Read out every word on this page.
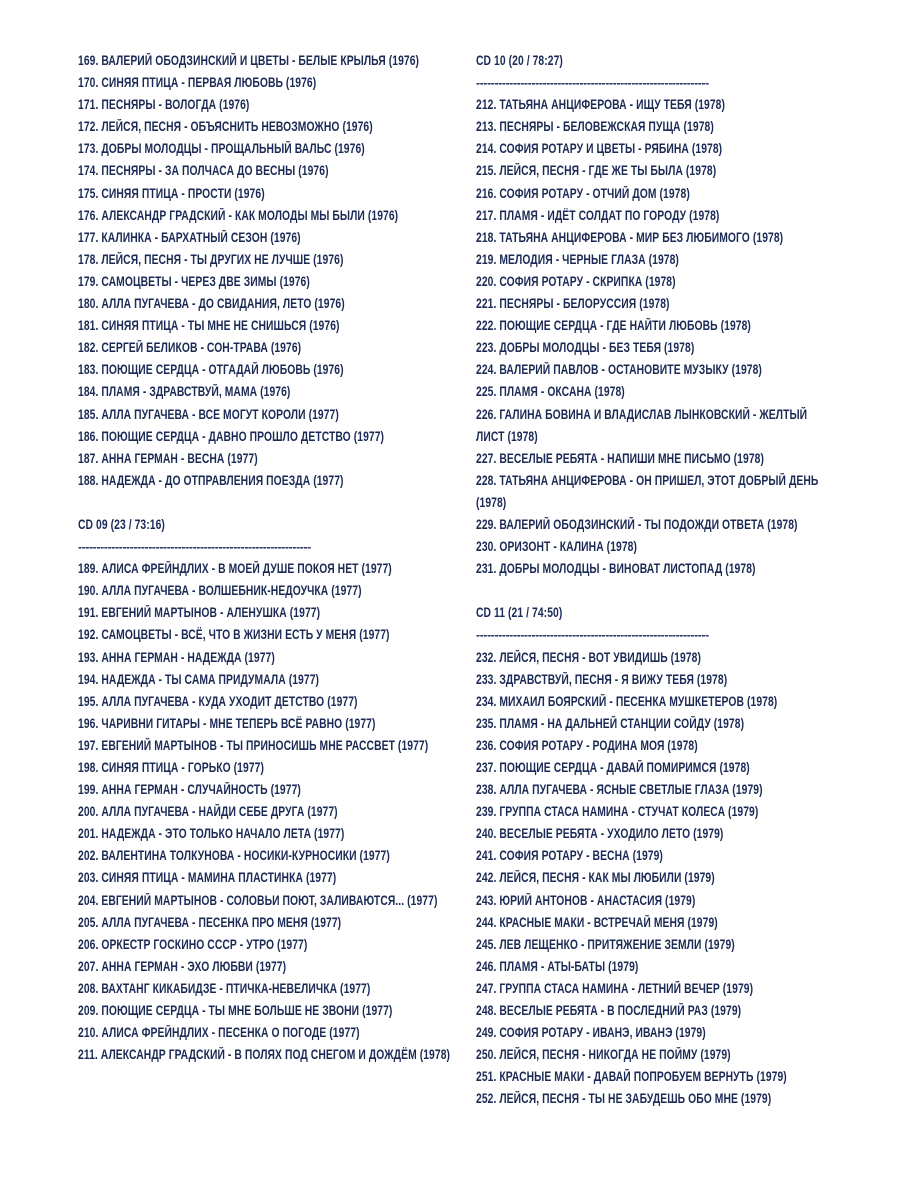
169. ВАЛЕРИЙ ОБОДЗИНСКИЙ И ЦВЕТЫ - БЕЛЫЕ КРЫЛЬЯ (1976)
170. СИНЯЯ ПТИЦА - ПЕРВАЯ ЛЮБОВЬ (1976)
171. ПЕСНЯРЫ - ВОЛОГДА (1976)
172. ЛЕЙСЯ, ПЕСНЯ - ОБЪЯСНИТЬ НЕВОЗМОЖНО (1976)
173. ДОБРЫ МОЛОДЦЫ - ПРОЩАЛЬНЫЙ ВАЛЬС (1976)
174. ПЕСНЯРЫ - ЗА ПОЛЧАСА ДО ВЕСНЫ (1976)
175. СИНЯЯ ПТИЦА - ПРОСТИ (1976)
176. АЛЕКСАНДР ГРАДСКИЙ - КАК МОЛОДЫ МЫ БЫЛИ (1976)
177. КАЛИНКА - БАРХАТНЫЙ СЕЗОН (1976)
178. ЛЕЙСЯ, ПЕСНЯ - ТЫ ДРУГИХ НЕ ЛУЧШЕ (1976)
179. САМОЦВЕТЫ - ЧЕРЕЗ ДВЕ ЗИМЫ (1976)
180. АЛЛА ПУГАЧЕВА - ДО СВИДАНИЯ, ЛЕТО (1976)
181. СИНЯЯ ПТИЦА - ТЫ МНЕ НЕ СНИШЬСЯ (1976)
182. СЕРГЕЙ БЕЛИКОВ - СОН-ТРАВА (1976)
183. ПОЮЩИЕ СЕРДЦА - ОТГАДАЙ ЛЮБОВЬ (1976)
184. ПЛАМЯ - ЗДРАВСТВУЙ, МАМА (1976)
185. АЛЛА ПУГАЧЕВА - ВСЕ МОГУТ КОРОЛИ (1977)
186. ПОЮЩИЕ СЕРДЦА - ДАВНО ПРОШЛО ДЕТСТВО (1977)
187. АННА ГЕРМАН - ВЕСНА (1977)
188. НАДЕЖДА - ДО ОТПРАВЛЕНИЯ ПОЕЗДА (1977)
CD 09 (23 / 73:16)
---------------------------------------------------------------
189. АЛИСА ФРЕЙНДЛИХ - В МОЕЙ ДУШЕ ПОКОЯ НЕТ (1977)
190. АЛЛА ПУГАЧЕВА - ВОЛШЕБНИК-НЕДОУЧКА (1977)
191. ЕВГЕНИЙ МАРТЫНОВ - АЛЕНУШКА (1977)
192. САМОЦВЕТЫ - ВСЁ, ЧТО В ЖИЗНИ ЕСТЬ У МЕНЯ (1977)
193. АННА ГЕРМАН - НАДЕЖДА (1977)
194. НАДЕЖДА - ТЫ САМА ПРИДУМАЛА (1977)
195. АЛЛА ПУГАЧЕВА - КУДА УХОДИТ ДЕТСТВО (1977)
196. ЧАРИВНИ ГИТАРЫ - МНЕ ТЕПЕРЬ ВСЁ РАВНО (1977)
197. ЕВГЕНИЙ МАРТЫНОВ - ТЫ ПРИНОСИШЬ МНЕ РАССВЕТ (1977)
198. СИНЯЯ ПТИЦА - ГОРЬКО (1977)
199. АННА ГЕРМАН - СЛУЧАЙНОСТЬ (1977)
200. АЛЛА ПУГАЧЕВА - НАЙДИ СЕБЕ ДРУГА (1977)
201. НАДЕЖДА - ЭТО ТОЛЬКО НАЧАЛО ЛЕТА (1977)
202. ВАЛЕНТИНА ТОЛКУНОВА - НОСИКИ-КУРНОСИКИ (1977)
203. СИНЯЯ ПТИЦА - МАМИНА ПЛАСТИНКА (1977)
204. ЕВГЕНИЙ МАРТЫНОВ - СОЛОВЬИ ПОЮТ, ЗАЛИВАЮТСЯ... (1977)
205. АЛЛА ПУГАЧЕВА - ПЕСЕНКА ПРО МЕНЯ (1977)
206. ОРКЕСТР ГОСКИНО СССР - УТРО (1977)
207. АННА ГЕРМАН - ЭХО ЛЮБВИ (1977)
208. ВАХТАНГ КИКАБИДЗЕ - ПТИЧКА-НЕВЕЛИЧКА (1977)
209. ПОЮЩИЕ СЕРДЦА - ТЫ МНЕ БОЛЬШЕ НЕ ЗВОНИ (1977)
210. АЛИСА ФРЕЙНДЛИХ - ПЕСЕНКА О ПОГОДЕ (1977)
211. АЛЕКСАНДР ГРАДСКИЙ - В ПОЛЯХ ПОД СНЕГОМ И ДОЖДЁМ (1978)
CD 10 (20 / 78:27)
---------------------------------------------------------------
212. ТАТЬЯНА АНЦИФЕРОВА - ИЩУ ТЕБЯ (1978)
213. ПЕСНЯРЫ - БЕЛОВЕЖСКАЯ ПУЩА (1978)
214. СОФИЯ РОТАРУ И ЦВЕТЫ - РЯБИНА (1978)
215. ЛЕЙСЯ, ПЕСНЯ - ГДЕ ЖЕ ТЫ БЫЛА (1978)
216. СОФИЯ РОТАРУ - ОТЧИЙ ДОМ (1978)
217. ПЛАМЯ - ИДЁТ СОЛДАТ ПО ГОРОДУ (1978)
218. ТАТЬЯНА АНЦИФЕРОВА - МИР БЕЗ ЛЮБИМОГО (1978)
219. МЕЛОДИЯ - ЧЕРНЫЕ ГЛАЗА (1978)
220. СОФИЯ РОТАРУ - СКРИПКА (1978)
221. ПЕСНЯРЫ - БЕЛОРУССИЯ (1978)
222. ПОЮЩИЕ СЕРДЦА - ГДЕ НАЙТИ ЛЮБОВЬ (1978)
223. ДОБРЫ МОЛОДЦЫ - БЕЗ ТЕБЯ (1978)
224. ВАЛЕРИЙ ПАВЛОВ - ОСТАНОВИТЕ МУЗЫКУ (1978)
225. ПЛАМЯ - ОКСАНА (1978)
226. ГАЛИНА БОВИНА И ВЛАДИСЛАВ ЛЫНКОВСКИЙ - ЖЕЛТЫЙ ЛИСТ (1978)
227. ВЕСЕЛЫЕ РЕБЯТА - НАПИШИ МНЕ ПИСЬМО (1978)
228. ТАТЬЯНА АНЦИФЕРОВА - ОН ПРИШЕЛ, ЭТОТ ДОБРЫЙ ДЕНЬ (1978)
229. ВАЛЕРИЙ ОБОДЗИНСКИЙ - ТЫ ПОДОЖДИ ОТВЕТА (1978)
230. ОРИЗОНТ - КАЛИНА (1978)
231. ДОБРЫ МОЛОДЦЫ - ВИНОВАТ ЛИСТОПАД (1978)
CD 11 (21 / 74:50)
---------------------------------------------------------------
232. ЛЕЙСЯ, ПЕСНЯ - ВОТ УВИДИШЬ (1978)
233. ЗДРАВСТВУЙ, ПЕСНЯ - Я ВИЖУ ТЕБЯ (1978)
234. МИХАИЛ БОЯРСКИЙ - ПЕСЕНКА МУШКЕТЕРОВ (1978)
235. ПЛАМЯ - НА ДАЛЬНЕЙ СТАНЦИИ СОЙДУ (1978)
236. СОФИЯ РОТАРУ - РОДИНА МОЯ (1978)
237. ПОЮЩИЕ СЕРДЦА - ДАВАЙ ПОМИРИМСЯ (1978)
238. АЛЛА ПУГАЧЕВА - ЯСНЫЕ СВЕТЛЫЕ ГЛАЗА (1979)
239. ГРУППА СТАСА НАМИНА - СТУЧАТ КОЛЕСА (1979)
240. ВЕСЕЛЫЕ РЕБЯТА - УХОДИЛО ЛЕТО (1979)
241. СОФИЯ РОТАРУ - ВЕСНА (1979)
242. ЛЕЙСЯ, ПЕСНЯ - КАК МЫ ЛЮБИЛИ (1979)
243. ЮРИЙ АНТОНОВ - АНАСТАСИЯ (1979)
244. КРАСНЫЕ МАКИ - ВСТРЕЧАЙ МЕНЯ (1979)
245. ЛЕВ ЛЕЩЕНКО - ПРИТЯЖЕНИЕ ЗЕМЛИ (1979)
246. ПЛАМЯ - АТЫ-БАТЫ (1979)
247. ГРУППА СТАСА НАМИНА - ЛЕТНИЙ ВЕЧЕР (1979)
248. ВЕСЕЛЫЕ РЕБЯТА - В ПОСЛЕДНИЙ РАЗ (1979)
249. СОФИЯ РОТАРУ - ИВАНЭ, ИВАНЭ (1979)
250. ЛЕЙСЯ, ПЕСНЯ - НИКОГДА НЕ ПОЙМУ (1979)
251. КРАСНЫЕ МАКИ - ДАВАЙ ПОПРОБУЕМ ВЕРНУТЬ (1979)
252. ЛЕЙСЯ, ПЕСНЯ - ТЫ НЕ ЗАБУДЕШЬ ОБО МНЕ (1979)
